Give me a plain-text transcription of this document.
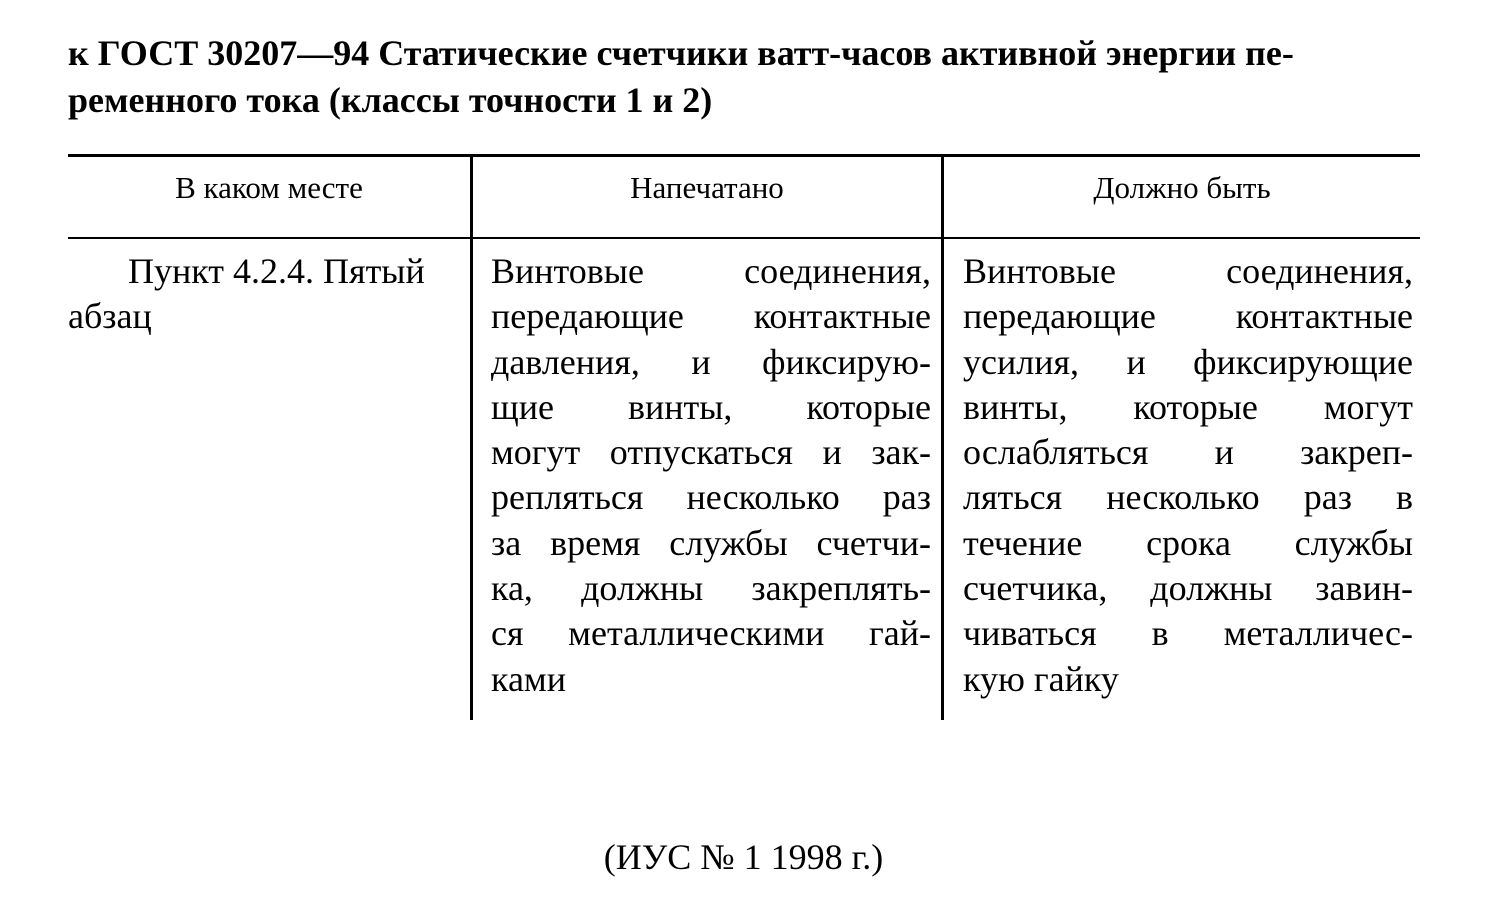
к ГОСТ 30207—94 Статические счетчики ватт-часов активной энергии пе-
ременного тока (классы точности 1 и 2)
В каком месте	Напечатано	Должно быть
Пункт 4.2.4. Пятый
абзац
Винтовые соединения,
передающие контактные
давления, и фиксирую-
щие винты, которые
могут отпускаться и зак-
репляться несколько раз
за время службы счетчи-
ка, должны закреплять-
ся металлическими гай-
ками
Винтовые соединения,
передающие контактные
усилия, и фиксирующие
винты, которые могут
ослабляться и закреп-
ляться несколько раз в
течение срока службы
счетчика, должны завин-
чиваться в металличес-
кую гайку
(ИУС № 1 1998 г.)
